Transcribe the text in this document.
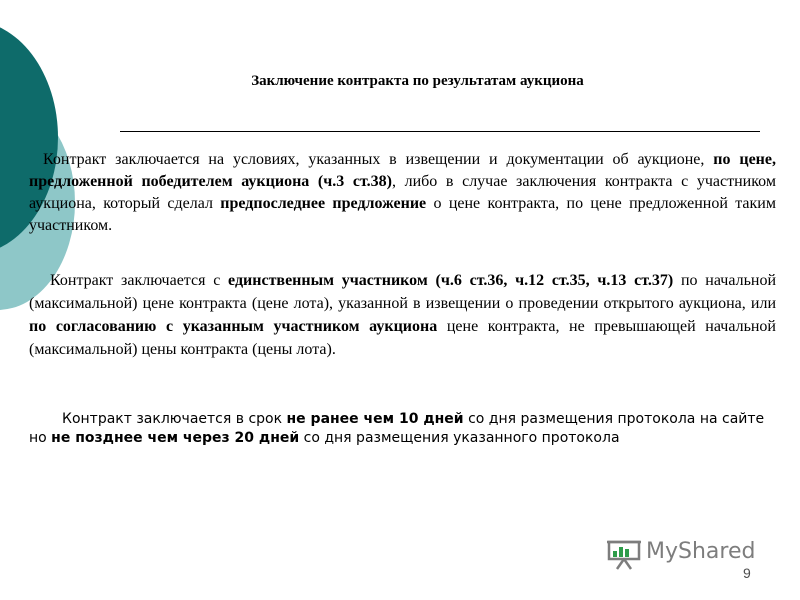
Заключение контракта по результатам аукциона

Контракт заключается на условиях, указанных в извещении и документации об аукционе, по цене, предложенной победителем аукциона (ч.3 ст.38), либо в случае заключения контракта с участником аукциона, который сделал предпоследнее предложение о цене контракта, по цене предложенной таким участником.

Контракт заключается с единственным участником (ч.6 ст.36, ч.12 ст.35, ч.13 ст.37) по начальной (максимальной) цене контракта (цене лота), указанной в извещении о проведении открытого аукциона, или по согласованию с указанным участником аукциона цене контракта, не превышающей начальной (максимальной) цены контракта (цены лота).

Контракт заключается в срок не ранее чем 10 дней со дня размещения протокола на сайте но не позднее чем через 20 дней со дня размещения указанного протокола

MyShared
9
